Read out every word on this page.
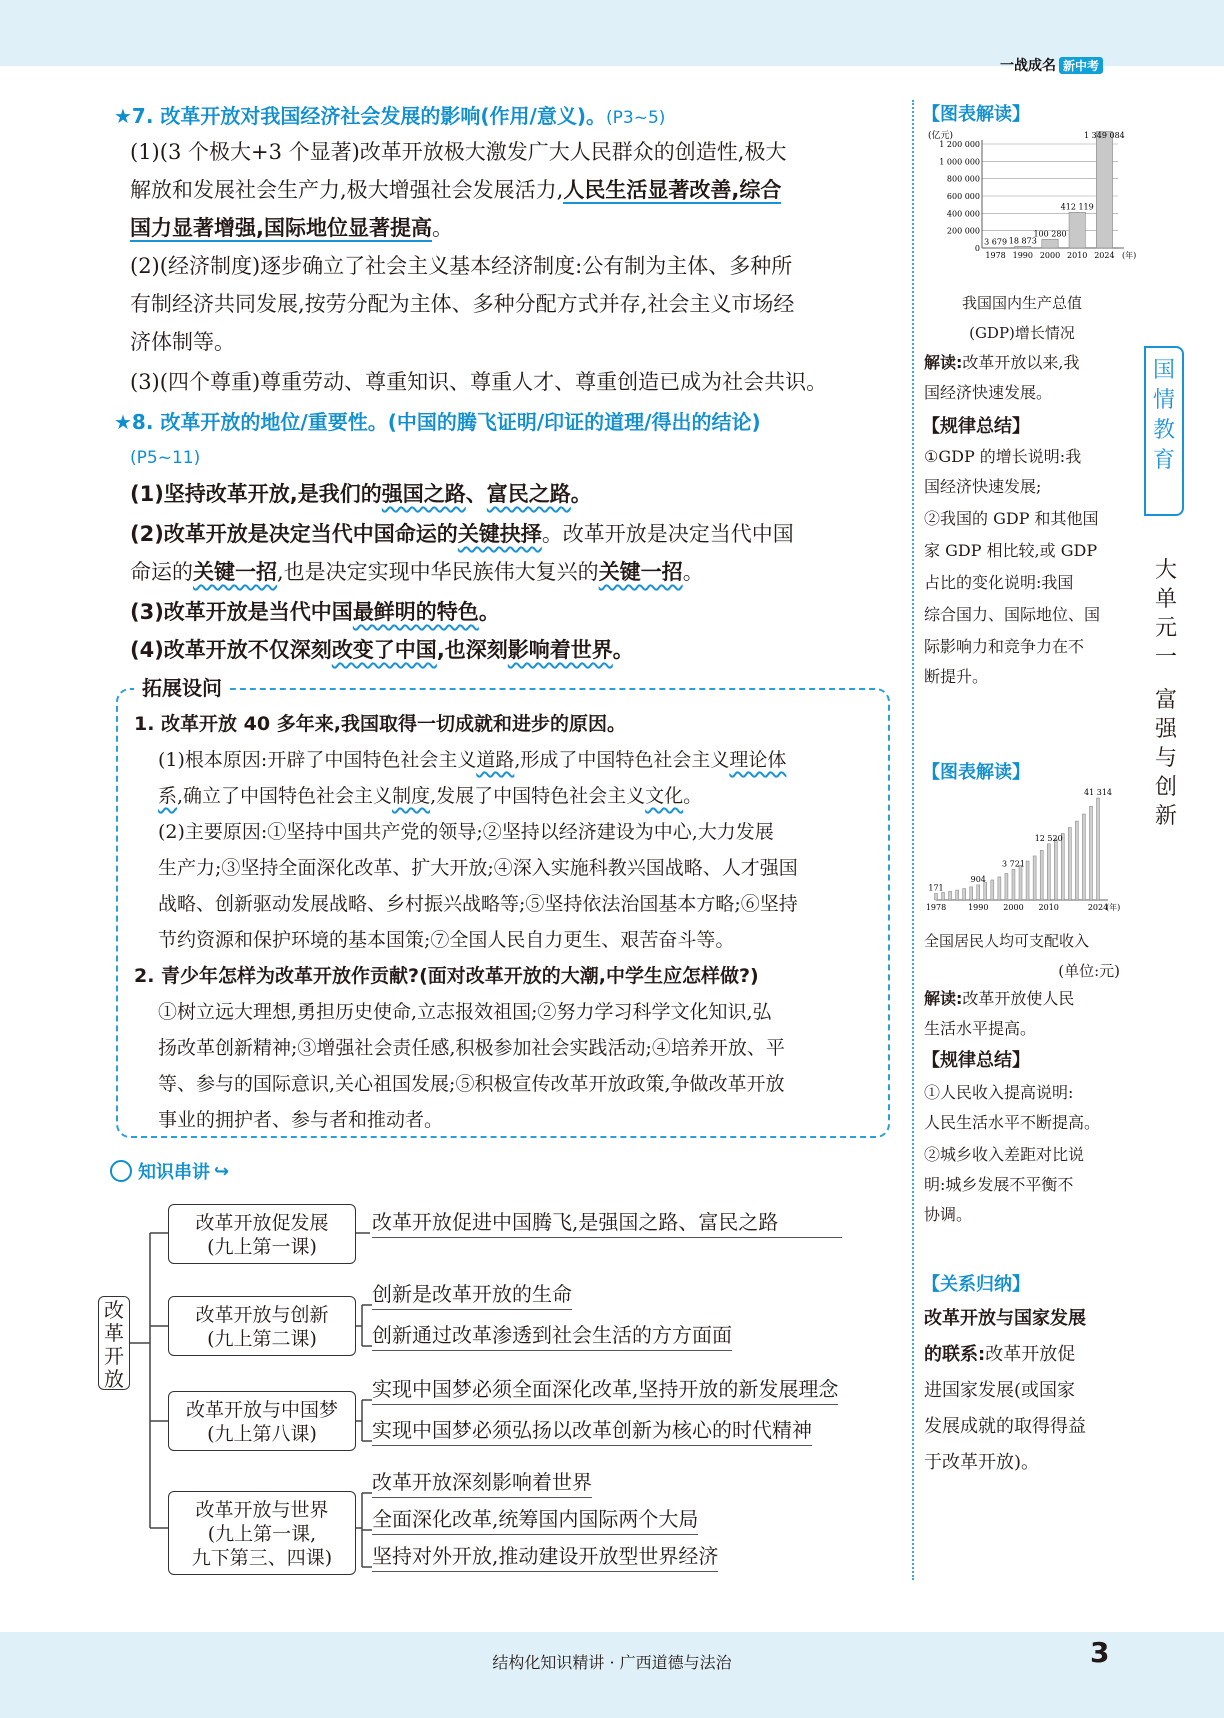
一战成名 新中考
★7. 改革开放对我国经济社会发展的影响(作用/意义)。(P3~5)
(1)(3 个极大+3 个显著)改革开放极大激发广大人民群众的创造性,极大
解放和发展社会生产力,极大增强社会发展活力,人民生活显著改善,综合
国力显著增强,国际地位显著提高。
(2)(经济制度)逐步确立了社会主义基本经济制度:公有制为主体、多种所
有制经济共同发展,按劳分配为主体、多种分配方式并存,社会主义市场经
济体制等。
(3)(四个尊重)尊重劳动、尊重知识、尊重人才、尊重创造已成为社会共识。
★8. 改革开放的地位/重要性。(中国的腾飞证明/印证的道理/得出的结论)
(P5~11)
(1)坚持改革开放,是我们的强国之路、富民之路。
(2)改革开放是决定当代中国命运的关键抉择。改革开放是决定当代中国
命运的关键一招,也是决定实现中华民族伟大复兴的关键一招。
(3)改革开放是当代中国最鲜明的特色。
(4)改革开放不仅深刻改变了中国,也深刻影响着世界。
拓展设问
1. 改革开放 40 多年来,我国取得一切成就和进步的原因。
(1)根本原因:开辟了中国特色社会主义道路,形成了中国特色社会主义理论体
系,确立了中国特色社会主义制度,发展了中国特色社会主义文化。
(2)主要原因:①坚持中国共产党的领导;②坚持以经济建设为中心,大力发展
生产力;③坚持全面深化改革、扩大开放;④深入实施科教兴国战略、人才强国
战略、创新驱动发展战略、乡村振兴战略等;⑤坚持依法治国基本方略;⑥坚持
节约资源和保护环境的基本国策;⑦全国人民自力更生、艰苦奋斗等。
2. 青少年怎样为改革开放作贡献?(面对改革开放的大潮,中学生应怎样做?)
①树立远大理想,勇担历史使命,立志报效祖国;②努力学习科学文化知识,弘
扬改革创新精神;③增强社会责任感,积极参加社会实践活动;④培养开放、平
等、参与的国际意识,关心祖国发展;⑤积极宣传改革开放政策,争做改革开放
事业的拥护者、参与者和推动者。
知识串讲 ↪
改革开放
改革开放促发展
(九上第一课)
改革开放与创新
(九上第二课)
改革开放与中国梦
(九上第八课)
改革开放与世界
(九上第一课,
九下第三、四课)
改革开放促进中国腾飞,是强国之路、富民之路
创新是改革开放的生命
创新通过改革渗透到社会生活的方方面面
实现中国梦必须全面深化改革,坚持开放的新发展理念
实现中国梦必须弘扬以改革创新为核心的时代精神
改革开放深刻影响着世界
全面深化改革,统筹国内国际两个大局
坚持对外开放,推动建设开放型世界经济
【图表解读】
(亿元)
0
200 000
400 000
600 000
800 000
1 000 000
1 200 000
1978
3 679
1990
18 873
2000
100 280
2010
412 119
2024
1 349 084
(年)
我国国内生产总值
(GDP)增长情况
解读:改革开放以来,我
国经济快速发展。
【规律总结】
①GDP 的增长说明:我
国经济快速发展;
②我国的 GDP 和其他国
家 GDP 相比较,或 GDP
占比的变化说明:我国
综合国力、国际地位、国
际影响力和竞争力在不
断提升。
【图表解读】
1978
171
1990
904
2000
3 721
2010
12 520
2024
41 314
(年)
全国居民人均可支配收入
(单位:元)
解读:改革开放使人民
生活水平提高。
【规律总结】
①人民收入提高说明:
人民生活水平不断提高。
②城乡收入差距对比说
明:城乡发展不平衡不
协调。
【关系归纳】
改革开放与国家发展
的联系:改革开放促
进国家发展(或国家
发展成就的取得得益
于改革开放)。
国情教育
大
单
元
一
富
强
与
创
新
结构化知识精讲 · 广西道德与法治	3
